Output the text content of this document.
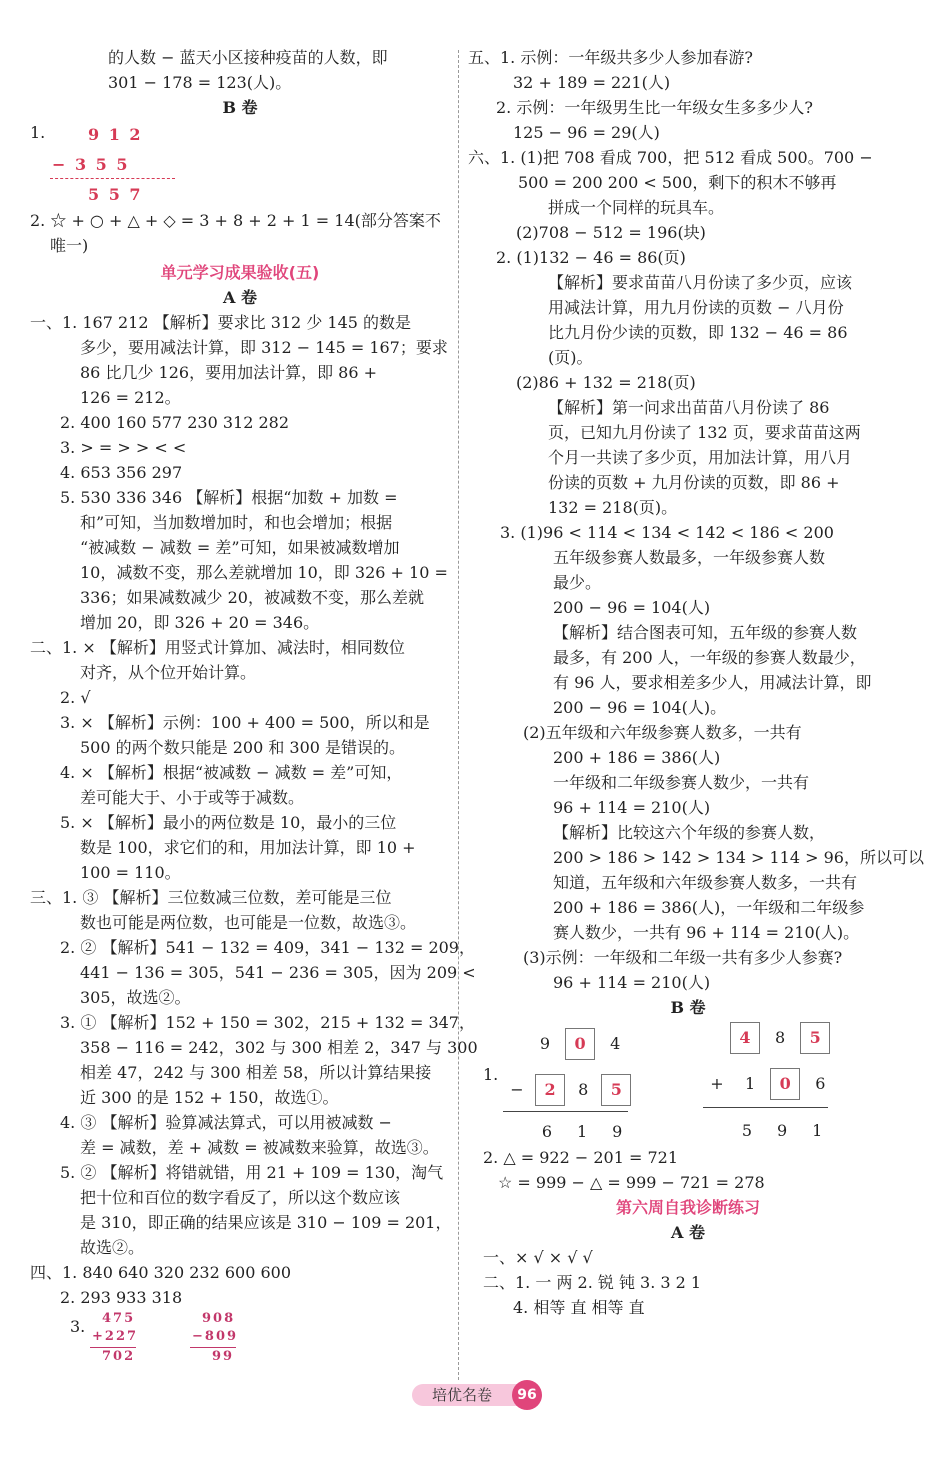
的人数 − 蓝天小区接种疫苗的人数，即
301 − 178 = 123(人)。
B 卷
1.	9 1 2
− 3 5 5
5 5 7
2. ☆ + ○ + △ + ◇ = 3 + 8 + 2 + 1 = 14(部分答案不
唯一)
单元学习成果验收(五)
A 卷
一、1. 167 212 【解析】要求比 312 少 145 的数是
多少，要用减法计算，即 312 − 145 = 167；要求
86 比几少 126，要用加法计算，即 86 +
126 = 212。
2. 400 160 577 230 312 282
3. > = > > < <
4. 653 356 297
5. 530 336 346 【解析】根据“加数 + 加数 =
和”可知，当加数增加时，和也会增加；根据
“被减数 − 减数 = 差”可知，如果被减数增加
10，减数不变，那么差就增加 10，即 326 + 10 =
336；如果减数减少 20，被减数不变，那么差就
增加 20，即 326 + 20 = 346。
二、1. × 【解析】用竖式计算加、减法时，相同数位
对齐，从个位开始计算。
2. √
3. × 【解析】示例：100 + 400 = 500，所以和是
500 的两个数只能是 200 和 300 是错误的。
4. × 【解析】根据“被减数 − 减数 = 差”可知，
差可能大于、小于或等于减数。
5. × 【解析】最小的两位数是 10，最小的三位
数是 100，求它们的和，用加法计算，即 10 +
100 = 110。
三、1. ③ 【解析】三位数减三位数，差可能是三位
数也可能是两位数，也可能是一位数，故选③。
2. ② 【解析】541 − 132 = 409，341 − 132 = 209，
441 − 136 = 305，541 − 236 = 305，因为 209 <
305，故选②。
3. ① 【解析】152 + 150 = 302，215 + 132 = 347，
358 − 116 = 242，302 与 300 相差 2，347 与 300
相差 47，242 与 300 相差 58，所以计算结果接
近 300 的是 152 + 150，故选①。
4. ③ 【解析】验算减法算式，可以用被减数 −
差 = 减数，差 + 减数 = 被减数来验算，故选③。
5. ② 【解析】将错就错，用 21 + 109 = 130，淘气
把十位和百位的数字看反了，所以这个数应该
是 310，即正确的结果应该是 310 − 109 = 201，
故选②。
四、1. 840 640 320 232 600 600
2. 293 933 318
3. 475
+227
702
908
−809
99
五、1. 示例：一年级共多少人参加春游?
32 + 189 = 221(人)
2. 示例：一年级男生比一年级女生多多少人?
125 − 96 = 29(人)
六、1. (1)把 708 看成 700，把 512 看成 500。700 −
500 = 200 200 < 500，剩下的积木不够再
拼成一个同样的玩具车。
(2)708 − 512 = 196(块)
2. (1)132 − 46 = 86(页)
【解析】要求苗苗八月份读了多少页，应该
用减法计算，用九月份读的页数 − 八月份
比九月份少读的页数，即 132 − 46 = 86
(页)。
(2)86 + 132 = 218(页)
【解析】第一问求出苗苗八月份读了 86
页，已知九月份读了 132 页，要求苗苗这两
个月一共读了多少页，用加法计算，用八月
份读的页数 + 九月份读的页数，即 86 +
132 = 218(页)。
3. (1)96 < 114 < 134 < 142 < 186 < 200
五年级参赛人数最多，一年级参赛人数
最少。
200 − 96 = 104(人)
【解析】结合图表可知，五年级的参赛人数
最多，有 200 人，一年级的参赛人数最少，
有 96 人，要求相差多少人，用减法计算，即
200 − 96 = 104(人)。
(2)五年级和六年级参赛人数多，一共有
200 + 186 = 386(人)
一年级和二年级参赛人数少，一共有
96 + 114 = 210(人)
【解析】比较这六个年级的参赛人数，
200 > 186 > 142 > 134 > 114 > 96，所以可以
知道，五年级和六年级参赛人数多，一共有
200 + 186 = 386(人)，一年级和二年级参
赛人数少，一共有 96 + 114 = 210(人)。
(3)示例：一年级和二年级一共有多少人参赛?
96 + 114 = 210(人)
B 卷
1.
9 0 4
− 2 8 5
6 1 9
4 8 5
+ 1 0 6
5 9 1
2. △ = 922 − 201 = 721
☆ = 999 − △ = 999 − 721 = 278
第六周自我诊断练习
A 卷
一、× √ × √ √
二、1. 一 两 2. 锐 钝 3. 3 2 1
4. 相等 直 相等 直
培优名卷	96
